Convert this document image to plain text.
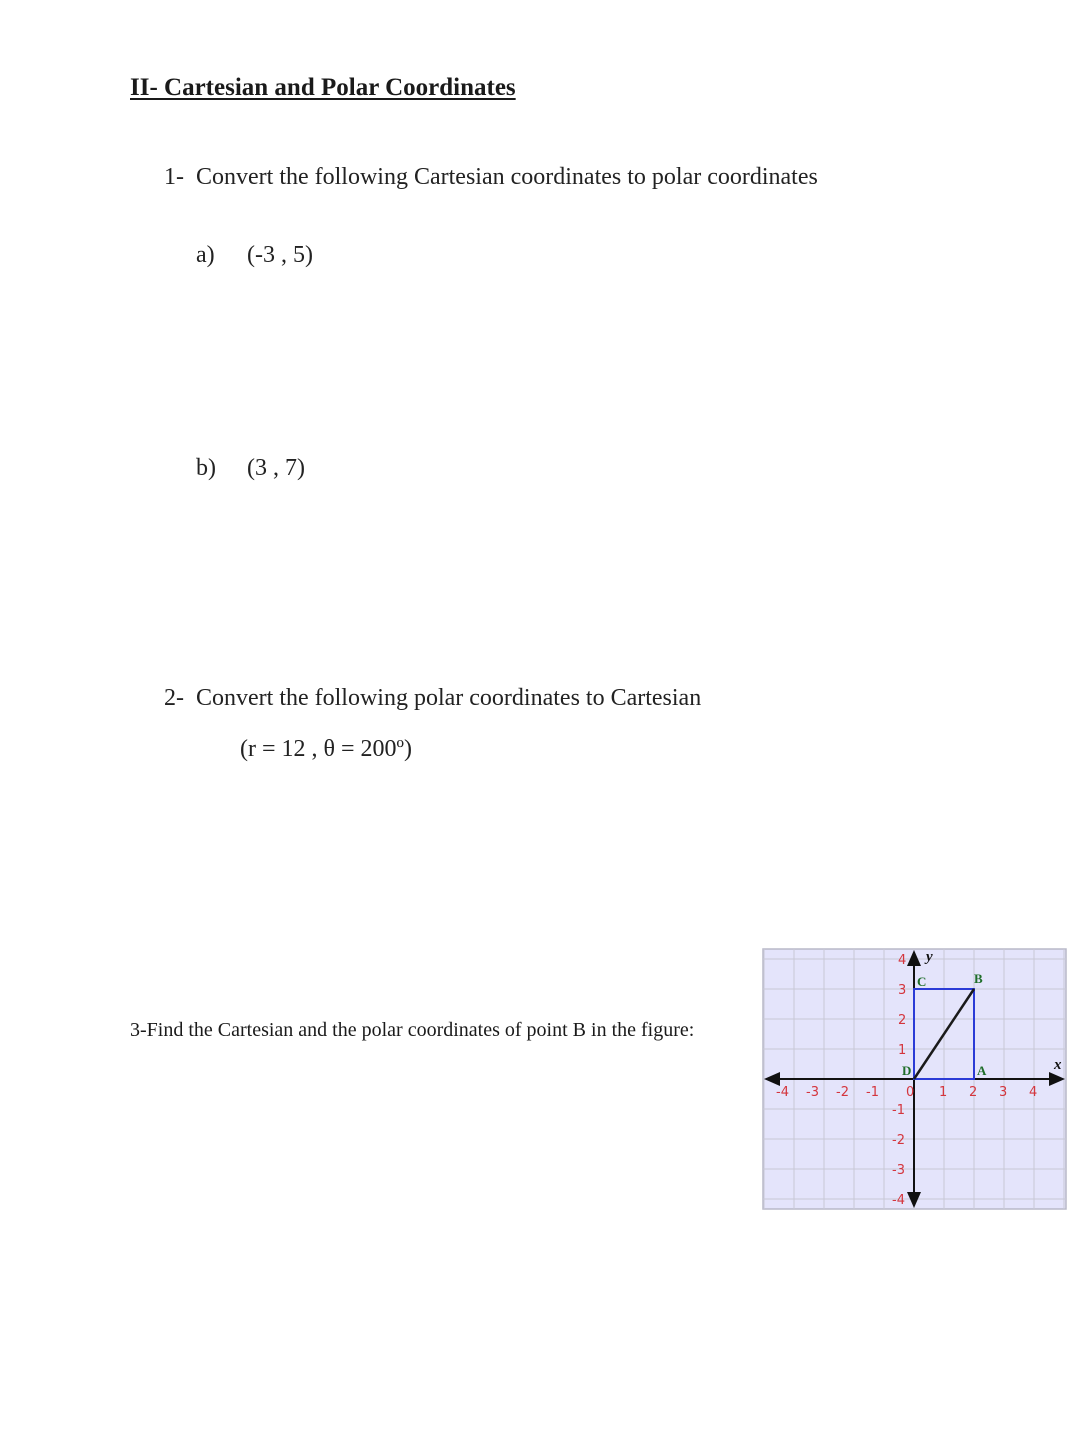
II- Cartesian and Polar Coordinates
1- Convert the following Cartesian coordinates to polar coordinates
a) (-3 , 5)
b) (3 , 7)
2- Convert the following polar coordinates to Cartesian
(r = 12 , θ = 200º)
3-Find the Cartesian and the polar coordinates of point B in the figure:
x
y
-4 -3 -2 -1 0 1 2 3 4
4
3
2
1
-1
-2
-3
-4
A
B
C
D
